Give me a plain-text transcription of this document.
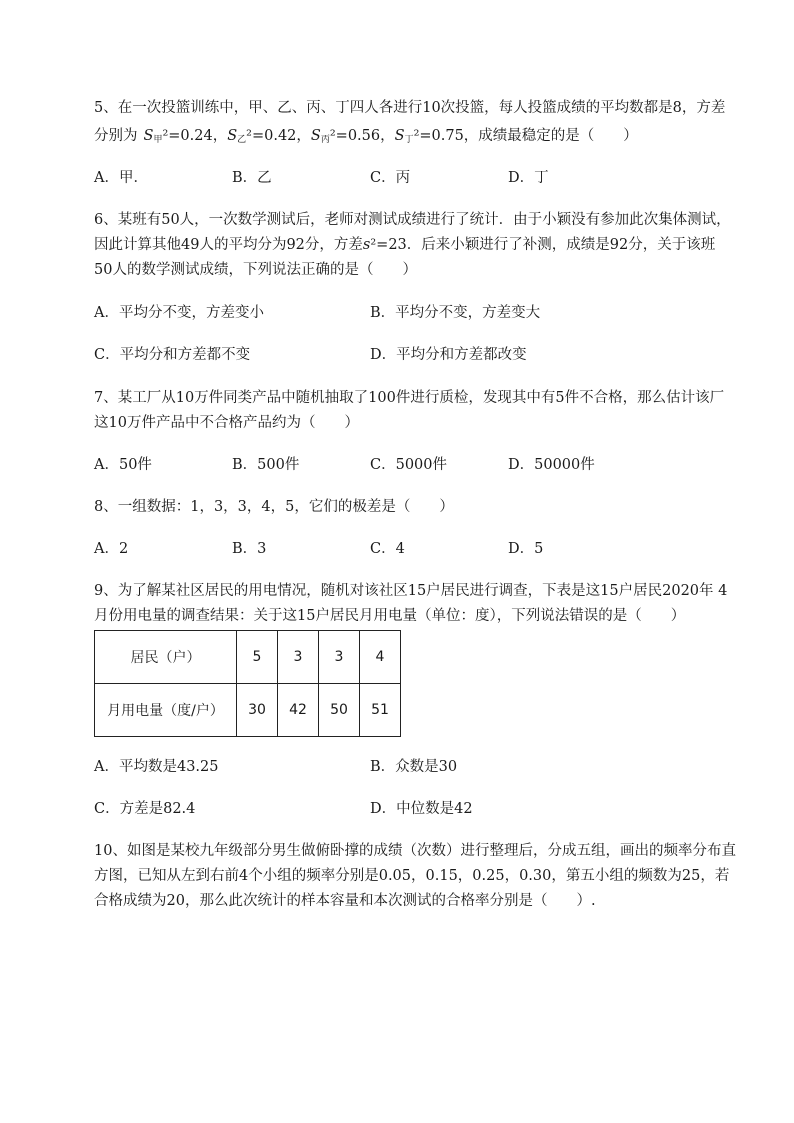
5、在一次投篮训练中，甲、乙、丙、丁四人各进行10次投篮，每人投篮成绩的平均数都是8，方差
分别为 $S_甲^2=0.24$，$S_乙^2=0.42$，$S_丙^2=0.56$，$S_丁^2=0.75$，成绩最稳定的是（　　）
A．甲．	B．乙	C．丙	D．丁
6、某班有50人，一次数学测试后，老师对测试成绩进行了统计．由于小颖没有参加此次集体测试，
因此计算其他49人的平均分为92分，方差s²=23．后来小颖进行了补测，成绩是92分，关于该班
50人的数学测试成绩，下列说法正确的是（　　）
A．平均分不变，方差变小	B．平均分不变，方差变大
C．平均分和方差都不变	D．平均分和方差都改变
7、某工厂从10万件同类产品中随机抽取了100件进行质检，发现其中有5件不合格，那么估计该厂
这10万件产品中不合格产品约为（　　）
A．50件	B．500件	C．5000件	D．50000件
8、一组数据：1，3，3，4，5，它们的极差是（　　）
A．2	B．3	C．4	D．5
9、为了解某社区居民的用电情况，随机对该社区15户居民进行调查，下表是这15户居民2020年 4
月份用电量的调查结果：关于这15户居民月用电量（单位：度），下列说法错误的是（　　）
居民（户）	5	3	3	4
月用电量（度/户）	30	42	50	51
A．平均数是43.25	B．众数是30
C．方差是82.4	D．中位数是42
10、如图是某校九年级部分男生做俯卧撑的成绩（次数）进行整理后，分成五组，画出的频率分布直
方图，已知从左到右前4个小组的频率分别是0.05，0.15，0.25，0.30，第五小组的频数为25，若
合格成绩为20，那么此次统计的样本容量和本次测试的合格率分别是（　　）.
